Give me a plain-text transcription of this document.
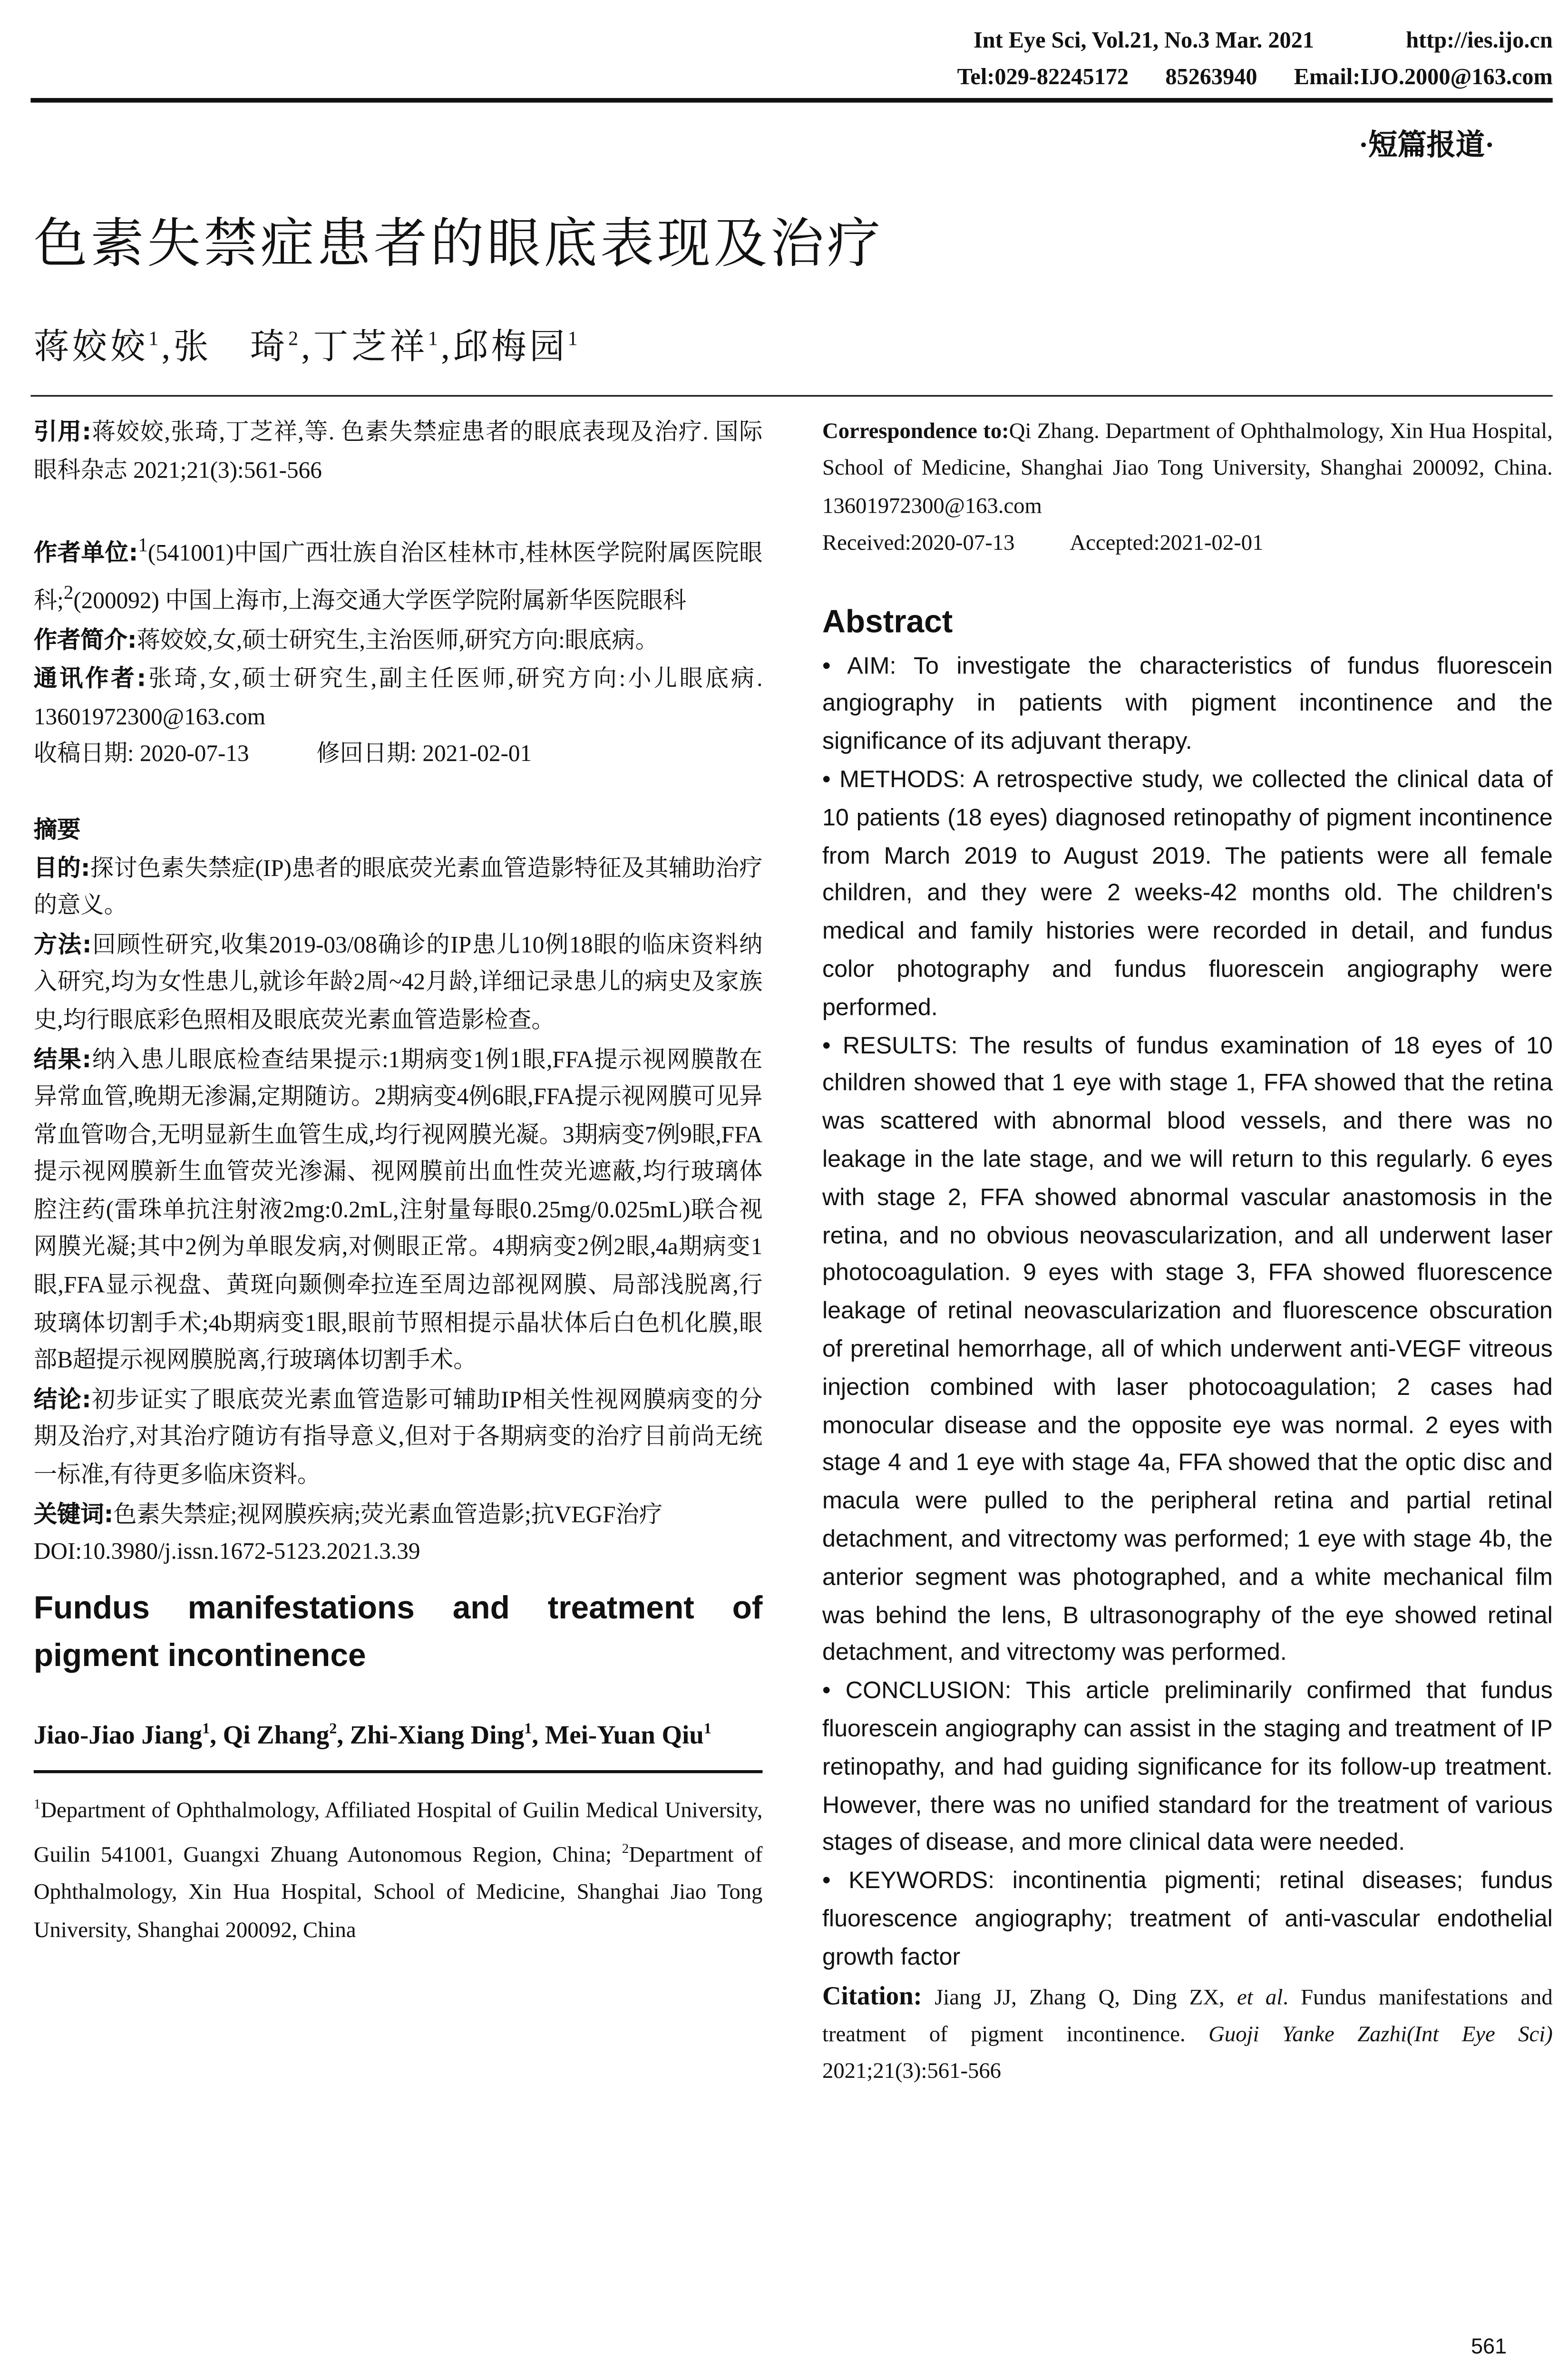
Int Eye Sci, Vol.21, No.3 Mar. 2021	http://ies.ijo.cn
Tel:029-82245172	85263940	Email:IJO.2000@163.com
·短篇报道·
色素失禁症患者的眼底表现及治疗
蒋姣姣$^1$,张　琦$^2$,丁芝祥$^1$,邱梅园$^1$

引用:蒋姣姣,张琦,丁芝祥,等. 色素失禁症患者的眼底表现及治疗. 国际眼科杂志 2021;21(3):561-566

作者单位:$^1$(541001)中国广西壮族自治区桂林市,桂林医学院附属医院眼科;$^2$(200092) 中国上海市,上海交通大学医学院附属新华医院眼科

作者简介:蒋姣姣,女,硕士研究生,主治医师,研究方向:眼底病。

通讯作者:张琦,女,硕士研究生,副主任医师,研究方向:小儿眼底病. 13601972300@163.com

收稿日期: 2020-07-13	修回日期: 2021-02-01

摘要

目的:探讨色素失禁症(IP)患者的眼底荧光素血管造影特征及其辅助治疗的意义。

方法:回顾性研究,收集2019-03/08确诊的IP患儿10例18眼的临床资料纳入研究,均为女性患儿,就诊年龄2周~42月龄,详细记录患儿的病史及家族史,均行眼底彩色照相及眼底荧光素血管造影检查。

结果:纳入患儿眼底检查结果提示:1期病变1例1眼,FFA提示视网膜散在异常血管,晚期无渗漏,定期随访。2期病变4例6眼,FFA提示视网膜可见异常血管吻合,无明显新生血管生成,均行视网膜光凝。3期病变7例9眼,FFA提示视网膜新生血管荧光渗漏、视网膜前出血性荧光遮蔽,均行玻璃体腔注药(雷珠单抗注射液2mg:0.2mL,注射量每眼0.25mg/0.025mL)联合视网膜光凝;其中2例为单眼发病,对侧眼正常。4期病变2例2眼,4a期病变1眼,FFA显示视盘、黄斑向颞侧牵拉连至周边部视网膜、局部浅脱离,行玻璃体切割手术;4b期病变1眼,眼前节照相提示晶状体后白色机化膜,眼部B超提示视网膜脱离,行玻璃体切割手术。

结论:初步证实了眼底荧光素血管造影可辅助IP相关性视网膜病变的分期及治疗,对其治疗随访有指导意义,但对于各期病变的治疗目前尚无统一标准,有待更多临床资料。

关键词:色素失禁症;视网膜疾病;荧光素血管造影;抗VEGF治疗

DOI:10.3980/j.issn.1672-5123.2021.3.39

Fundus manifestations and treatment of pigment incontinence
Jiao-Jiao Jiang$^1$, Qi Zhang$^2$, Zhi-Xiang Ding$^1$, Mei-Yuan Qiu$^1$

$^1$Department of Ophthalmology, Affiliated Hospital of Guilin Medical University, Guilin 541001, Guangxi Zhuang Autonomous Region, China; $^2$Department of Ophthalmology, Xin Hua Hospital, School of Medicine, Shanghai Jiao Tong University, Shanghai 200092, China

Correspondence to:Qi Zhang. Department of Ophthalmology, Xin Hua Hospital, School of Medicine, Shanghai Jiao Tong University, Shanghai 200092, China. 13601972300@163.com

Received:2020-07-13	Accepted:2021-02-01

Abstract

• AIM: To investigate the characteristics of fundus fluorescein angiography in patients with pigment incontinence and the significance of its adjuvant therapy.

• METHODS: A retrospective study, we collected the clinical data of 10 patients (18 eyes) diagnosed retinopathy of pigment incontinence from March 2019 to August 2019. The patients were all female children, and they were 2 weeks-42 months old. The children's medical and family histories were recorded in detail, and fundus color photography and fundus fluorescein angiography were performed.

• RESULTS: The results of fundus examination of 18 eyes of 10 children showed that 1 eye with stage 1, FFA showed that the retina was scattered with abnormal blood vessels, and there was no leakage in the late stage, and we will return to this regularly. 6 eyes with stage 2, FFA showed abnormal vascular anastomosis in the retina, and no obvious neovascularization, and all underwent laser photocoagulation. 9 eyes with stage 3, FFA showed fluorescence leakage of retinal neovascularization and fluorescence obscuration of preretinal hemorrhage, all of which underwent anti-VEGF vitreous injection combined with laser photocoagulation; 2 cases had monocular disease and the opposite eye was normal. 2 eyes with stage 4 and 1 eye with stage 4a, FFA showed that the optic disc and macula were pulled to the peripheral retina and partial retinal detachment, and vitrectomy was performed; 1 eye with stage 4b, the anterior segment was photographed, and a white mechanical film was behind the lens, B ultrasonography of the eye showed retinal detachment, and vitrectomy was performed.

• CONCLUSION: This article preliminarily confirmed that fundus fluorescein angiography can assist in the staging and treatment of IP retinopathy, and had guiding significance for its follow-up treatment. However, there was no unified standard for the treatment of various stages of disease, and more clinical data were needed.

• KEYWORDS: incontinentia pigmenti; retinal diseases; fundus fluorescence angiography; treatment of anti-vascular endothelial growth factor

Citation: Jiang JJ, Zhang Q, Ding ZX, et al. Fundus manifestations and treatment of pigment incontinence. Guoji Yanke Zazhi(Int Eye Sci) 2021;21(3):561-566

561
